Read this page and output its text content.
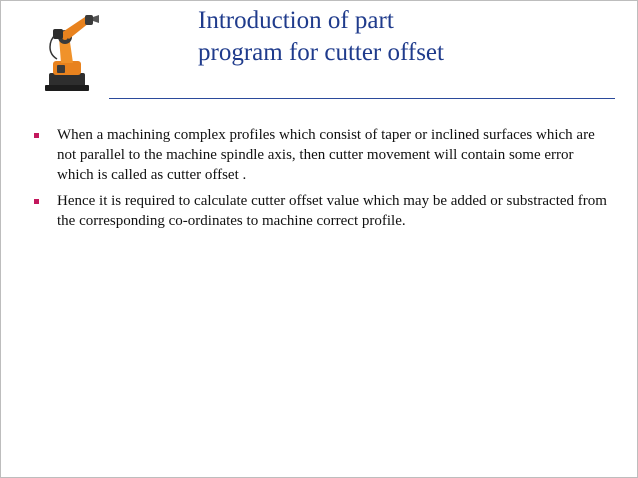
Introduction of part
program for cutter offset
When a machining complex profiles which consist of taper or inclined surfaces which are not parallel to the machine spindle axis, then cutter movement will contain some error which is called as cutter offset .
Hence it is required to calculate cutter offset value which may be added or substracted from the corresponding co-ordinates to machine correct profile.
